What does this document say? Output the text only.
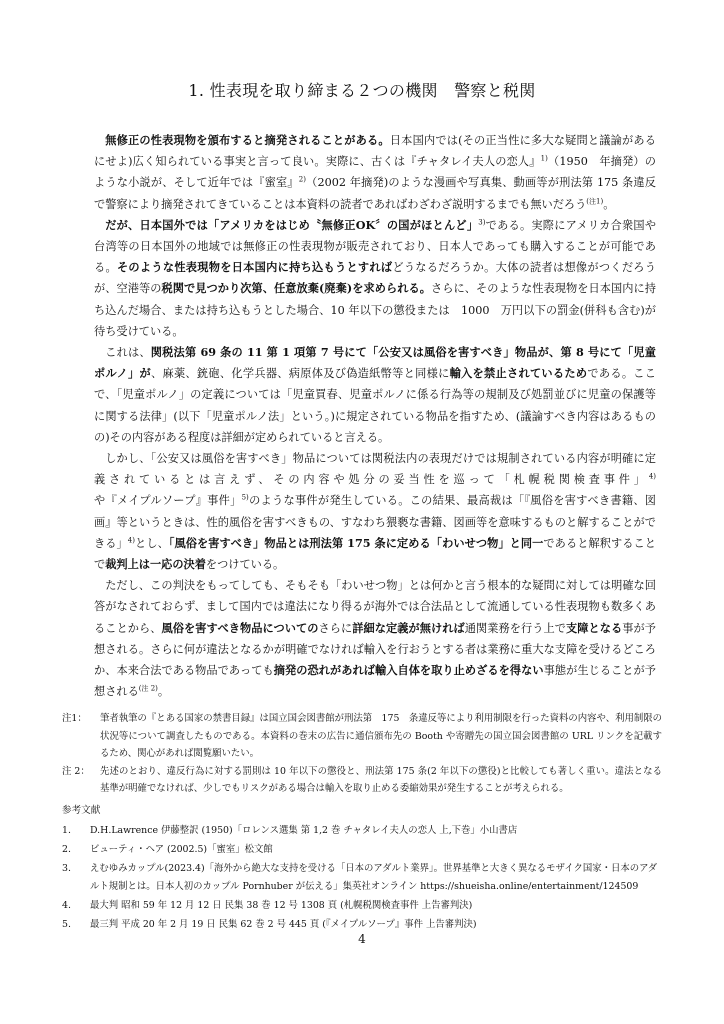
1. 性表現を取り締まる２つの機関　警察と税関

無修正の性表現物を頒布すると摘発されることがある。日本国内では(その正当性に多大な疑問と議論があるにせよ)広く知られている事実と言って良い。実際に、古くは『チャタレイ夫人の恋人』$^{1)}$（1950　年摘発）のような小説が、そして近年では『蜜室』$^{2)}$（2002 年摘発)のような漫画や写真集、動画等が刑法第 175 条違反で警察により摘発されてきていることは本資料の読者であればわざわざ説明するまでも無いだろう$^{(注1)}$。

だが、日本国外では「アメリカをはじめ〝無修正OK〞の国がほとんど」$^{3)}$である。実際にアメリカ合衆国や台湾等の日本国外の地域では無修正の性表現物が販売されており、日本人であっても購入することが可能である。そのような性表現物を日本国内に持ち込もうとすればどうなるだろうか。大体の読者は想像がつくだろうが、空港等の税関で見つかり次第、任意放棄(廃棄)を求められる。さらに、そのような性表現物を日本国内に持ち込んだ場合、または持ち込もうとした場合、10 年以下の懲役または　1000　万円以下の罰金(併科も含む)が待ち受けている。

これは、関税法第 69 条の 11 第 1 項第 7 号にて「公安又は風俗を害すべき」物品が、第 8 号にて「児童ポルノ」が、麻薬、銃砲、化学兵器、病原体及び偽造紙幣等と同様に輸入を禁止されているためである。ここで、「児童ポルノ」の定義については「児童買春、児童ポルノに係る行為等の規制及び処罰並びに児童の保護等に関する法律」(以下「児童ポルノ法」という。)に規定されている物品を指すため、(議論すべき内容はあるものの)その内容がある程度は詳細が定められていると言える。

しかし、「公安又は風俗を害すべき」物品については関税法内の表現だけでは規制されている内容が明確に定義されているとは言えず、その内容や処分の妥当性を巡って「札幌税関検査事件」$^{4)}$や『メイプルソープ』事件」$^{5)}$のような事件が発生している。この結果、最高裁は「『風俗を害すべき書籍、図画』等というときは、性的風俗を害すべきもの、すなわち猥褻な書籍、図画等を意味するものと解することができる」$^{4)}$とし、「風俗を害すべき」物品とは刑法第 175 条に定める「わいせつ物」と同一であると解釈することで裁判上は一応の決着をつけている。

ただし、この判決をもってしても、そもそも「わいせつ物」とは何かと言う根本的な疑問に対しては明確な回答がなされておらず、まして国内では違法になり得るが海外では合法品として流通している性表現物も数多くあることから、風俗を害すべき物品についてのさらに詳細な定義が無ければ通関業務を行う上で支障となる事が予想される。さらに何が違法となるかが明確でなければ輸入を行おうとする者は業務に重大な支障を受けるどころか、本来合法である物品であっても摘発の恐れがあれば輸入自体を取り止めざるを得ない事態が生じることが予想される$^{(注 2)}$。

注1：	筆者執筆の『とある国家の禁書目録』は国立国会図書館が刑法第　175　条違反等により利用制限を行った資料の内容や、利用制限の状況等について調査したものである。本資料の巻末の広告に通信頒布先の Booth や寄贈先の国立国会図書館の URL リンクを記載するため、関心があれば閲覧願いたい。
注 2：	先述のとおり、違反行為に対する罰則は 10 年以下の懲役と、刑法第 175 条(2 年以下の懲役)と比較しても著しく重い。違法となる基準が明確でなければ、少しでもリスクがある場合は輸入を取り止める委縮効果が発生することが考えられる。
参考文献
1.	D.H.Lawrence 伊藤整訳 (1950)「ロレンス選集 第 1,2 巻 チャタレイ夫人の恋人 上,下巻」小山書店
2.	ビューティ・ヘア (2002.5)「蜜室」松文館
3.	えむゆみカップル(2023.4)「海外から絶大な支持を受ける「日本のアダルト業界」。世界基準と大きく異なるモザイク国家・日本のアダルト規制とは。日本人初のカップル Pornhuber が伝える」集英社オンライン https://shueisha.online/entertainment/124509
4.	最大判 昭和 59 年 12 月 12 日 民集 38 巻 12 号 1308 頁 (札幌税関検査事件 上告審判決)
5.	最三判 平成 20 年 2 月 19 日 民集 62 巻 2 号 445 頁 (『メイプルソープ』事件 上告審判決)
4
